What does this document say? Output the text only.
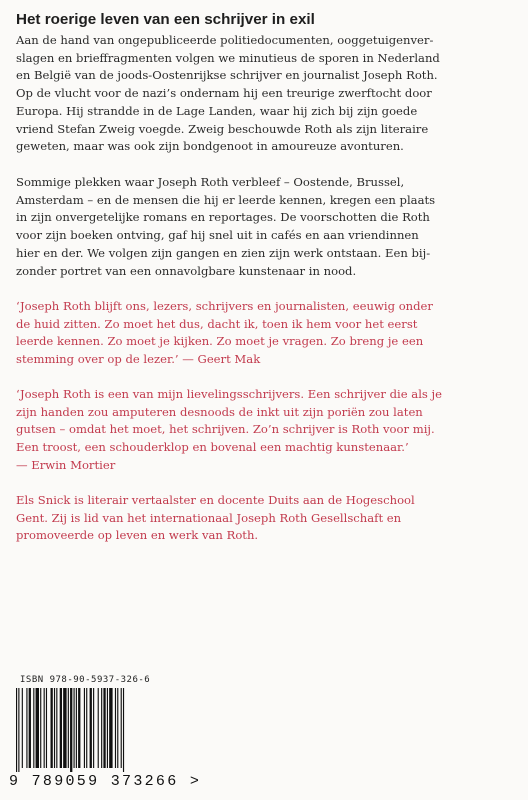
Het roerige leven van een schrijver in exil
Aan de hand van ongepubliceerde politiedocumenten, ooggetuigenver-
slagen en brieffragmenten volgen we minutieus de sporen in Nederland
en België van de joods-Oostenrijkse schrijver en journalist Joseph Roth.
Op de vlucht voor de nazi’s ondernam hij een treurige zwerftocht door
Europa. Hij strandde in de Lage Landen, waar hij zich bij zijn goede
vriend Stefan Zweig voegde. Zweig beschouwde Roth als zijn literaire
geweten, maar was ook zijn bondgenoot in amoureuze avonturen.
Sommige plekken waar Joseph Roth verbleef – Oostende, Brussel,
Amsterdam – en de mensen die hij er leerde kennen, kregen een plaats
in zijn onvergetelijke romans en reportages. De voorschotten die Roth
voor zijn boeken ontving, gaf hij snel uit in cafés en aan vriendinnen
hier en der. We volgen zijn gangen en zien zijn werk ontstaan. Een bij-
zonder portret van een onnavolgbare kunstenaar in nood.
‘Joseph Roth blijft ons, lezers, schrijvers en journalisten, eeuwig onder
de huid zitten. Zo moet het dus, dacht ik, toen ik hem voor het eerst
leerde kennen. Zo moet je kijken. Zo moet je vragen. Zo breng je een
stemming over op de lezer.’ — Geert Mak
‘Joseph Roth is een van mijn lievelingsschrijvers. Een schrijver die als je
zijn handen zou amputeren desnoods de inkt uit zijn poriën zou laten
gutsen – omdat het moet, het schrijven. Zo’n schrijver is Roth voor mij.
Een troost, een schouderklop en bovenal een machtig kunstenaar.’
— Erwin Mortier
Els Snick is literair vertaalster en docente Duits aan de Hogeschool
Gent. Zij is lid van het internationaal Joseph Roth Gesellschaft en
promoveerde op leven en werk van Roth.
ISBN 978-90-5937-326-6
9 789059 373266 >
